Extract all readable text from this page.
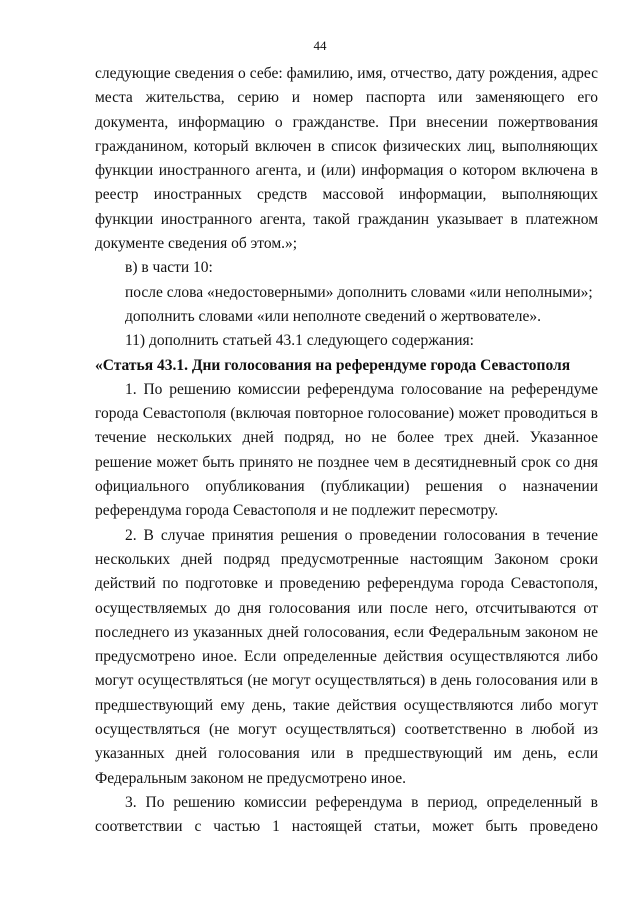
44

следующие сведения о себе: фамилию, имя, отчество, дату рождения, адрес места жительства, серию и номер паспорта или заменяющего его документа, информацию о гражданстве. При внесении пожертвования гражданином, который включен в список физических лиц, выполняющих функции иностранного агента, и (или) информация о котором включена в реестр иностранных средств массовой информации, выполняющих функции иностранного агента, такой гражданин указывает в платежном документе сведения об этом.»;

в) в части 10:

после слова «недостоверными» дополнить словами «или неполными»;

дополнить словами «или неполноте сведений о жертвователе».

11) дополнить статьей 43.1 следующего содержания:

«Статья 43.1. Дни голосования на референдуме города Севастополя

1. По решению комиссии референдума голосование на референдуме города Севастополя (включая повторное голосование) может проводиться в течение нескольких дней подряд, но не более трех дней. Указанное решение может быть принято не позднее чем в десятидневный срок со дня официального опубликования (публикации) решения о назначении референдума города Севастополя и не подлежит пересмотру.

2. В случае принятия решения о проведении голосования в течение нескольких дней подряд предусмотренные настоящим Законом сроки действий по подготовке и проведению референдума города Севастополя, осуществляемых до дня голосования или после него, отсчитываются от последнего из указанных дней голосования, если Федеральным законом не предусмотрено иное. Если определенные действия осуществляются либо могут осуществляться (не могут осуществляться) в день голосования или в предшествующий ему день, такие действия осуществляются либо могут осуществляться (не могут осуществляться) соответственно в любой из указанных дней голосования или в предшествующий им день, если Федеральным законом не предусмотрено иное.

3. По решению комиссии референдума в период, определенный в соответствии с частью 1 настоящей статьи, может быть проведено
